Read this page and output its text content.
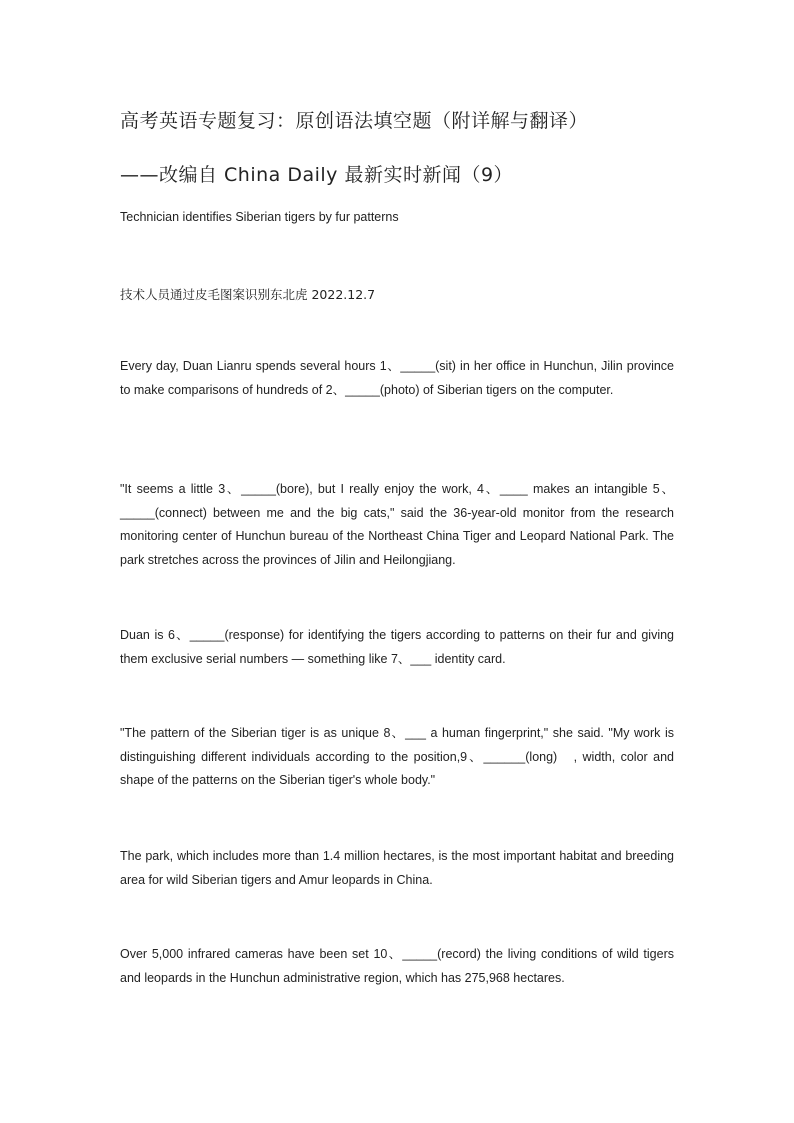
高考英语专题复习：原创语法填空题（附详解与翻译）
——改编自 China Daily 最新实时新闻（9）
Technician identifies Siberian tigers by fur patterns
技术人员通过皮毛图案识别东北虎 2022.12.7

Every day, Duan Lianru spends several hours 1、_____(sit) in her office in Hunchun, Jilin province to make comparisons of hundreds of 2、_____(photo) of Siberian tigers on the computer.

"It seems a little 3、_____(bore), but I really enjoy the work, 4、____ makes an intangible 5、_____(connect) between me and the big cats," said the 36-year-old monitor from the research monitoring center of Hunchun bureau of the Northeast China Tiger and Leopard National Park. The park stretches across the provinces of Jilin and Heilongjiang.

Duan is 6、_____(response) for identifying the tigers according to patterns on their fur and giving them exclusive serial numbers — something like 7、___ identity card.

"The pattern of the Siberian tiger is as unique 8、___ a human fingerprint," she said. "My work is distinguishing different individuals according to the position,9、______(long)　, width, color and shape of the patterns on the Siberian tiger's whole body."

The park, which includes more than 1.4 million hectares, is the most important habitat and breeding area for wild Siberian tigers and Amur leopards in China.

Over 5,000 infrared cameras have been set 10、_____(record) the living conditions of wild tigers and leopards in the Hunchun administrative region, which has 275,968 hectares.
